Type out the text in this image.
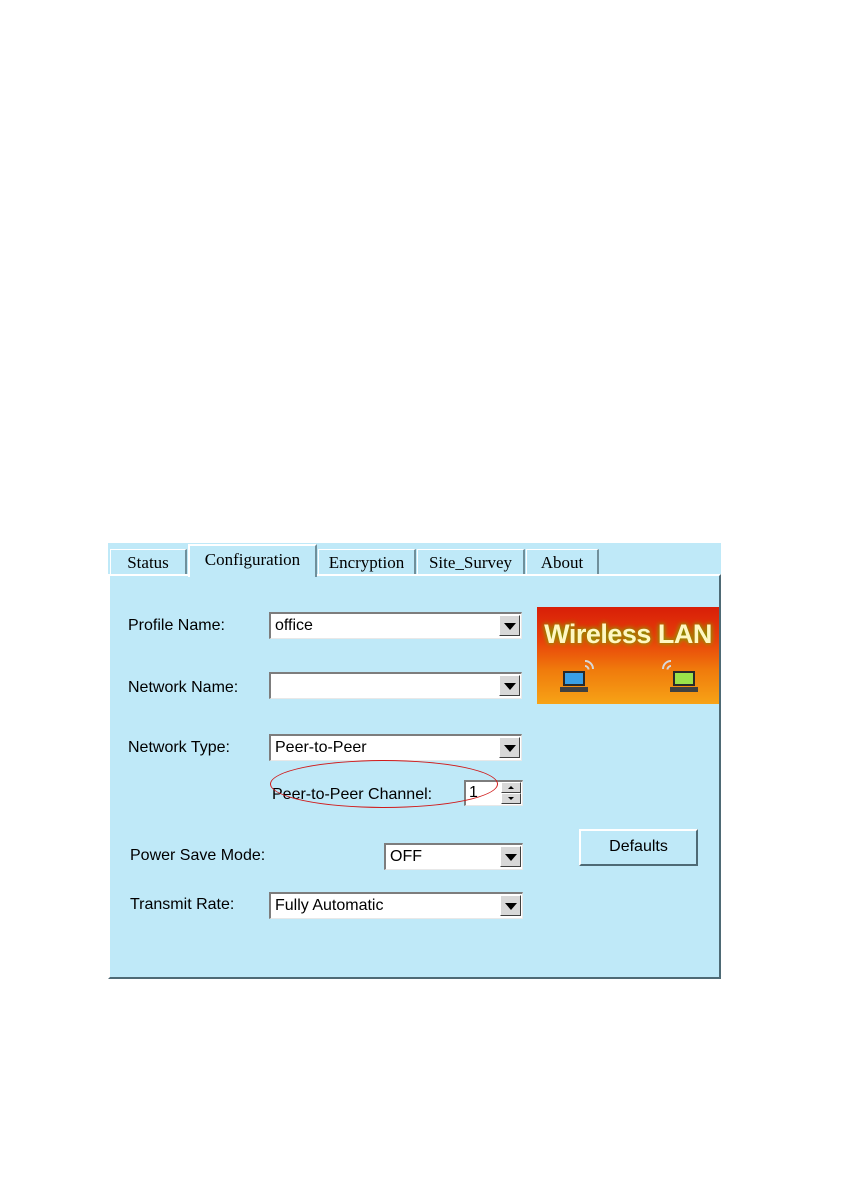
Status	Configuration	Encryption	Site_Survey	About
Wireless LAN
Profile Name:	office
Network Name:
Network Type:	Peer-to-Peer
Peer-to-Peer Channel: 1
Defaults
Power Save Mode:	OFF
Transmit Rate:	Fully Automatic
